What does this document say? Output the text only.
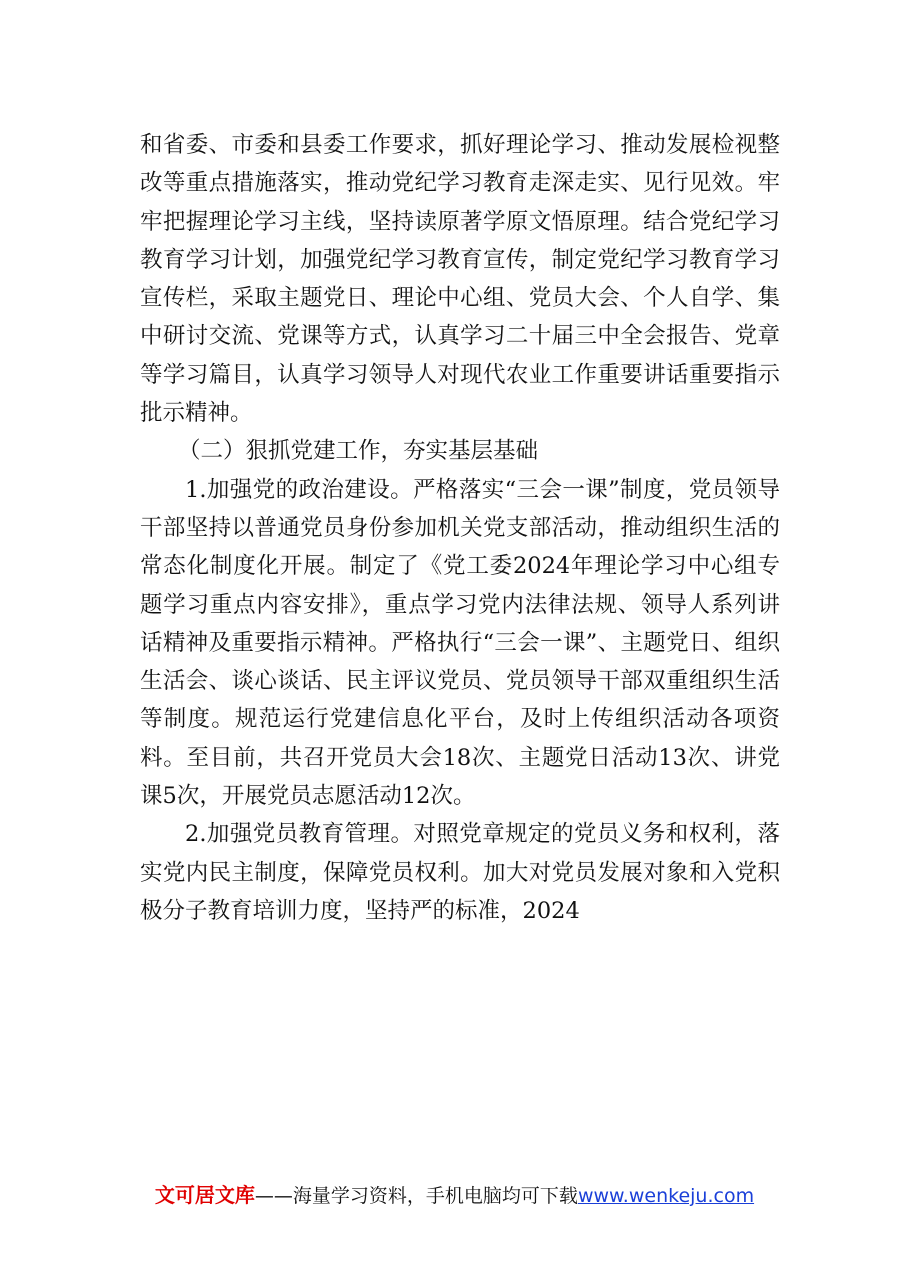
和省委、市委和县委工作要求，抓好理论学习、推动发展检视整改等重点措施落实，推动党纪学习教育走深走实、见行见效。牢牢把握理论学习主线，坚持读原著学原文悟原理。结合党纪学习教育学习计划，加强党纪学习教育宣传，制定党纪学习教育学习宣传栏，采取主题党日、理论中心组、党员大会、个人自学、集中研讨交流、党课等方式，认真学习二十届三中全会报告、党章等学习篇目，认真学习领导人对现代农业工作重要讲话重要指示批示精神。

（二）狠抓党建工作，夯实基层基础

1.加强党的政治建设。严格落实“三会一课”制度，党员领导干部坚持以普通党员身份参加机关党支部活动，推动组织生活的常态化制度化开展。制定了《党工委2024年理论学习中心组专题学习重点内容安排》，重点学习党内法律法规、领导人系列讲话精神及重要指示精神。严格执行“三会一课”、主题党日、组织生活会、谈心谈话、民主评议党员、党员领导干部双重组织生活等制度。规范运行党建信息化平台，及时上传组织活动各项资料。至目前，共召开党员大会18次、主题党日活动13次、讲党课5次，开展党员志愿活动12次。

2.加强党员教育管理。对照党章规定的党员义务和权利，落实党内民主制度，保障党员权利。加大对党员发展对象和入党积极分子教育培训力度，坚持严的标准，2024

文可居文库——海量学习资料，手机电脑均可下载www.wenkeju.com
